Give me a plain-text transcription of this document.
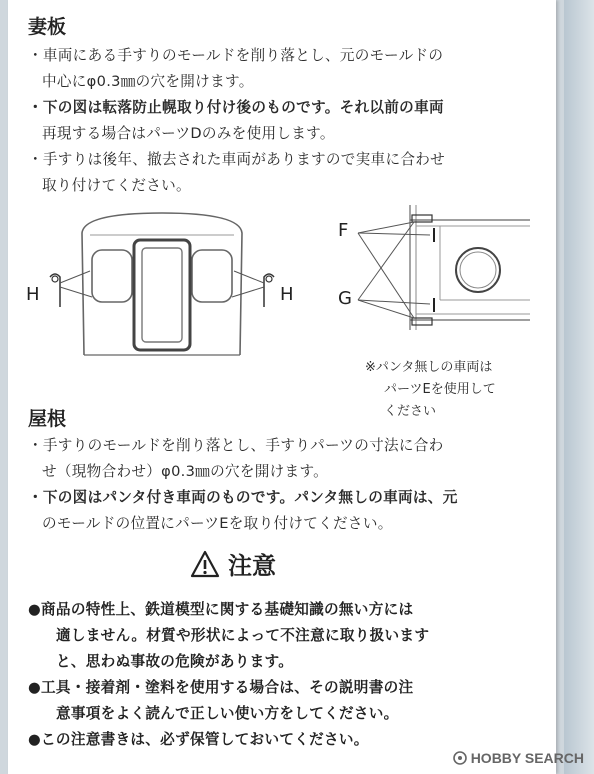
妻板
・車両にある手すりのモールドを削り落とし、元のモールドの
中心にφ0.3㎜の穴を開けます。
・下の図は転落防止幌取り付け後のものです。それ以前の車両
再現する場合はパーツDのみを使用します。
・手すりは後年、撤去された車両がありますので実車に合わせ
取り付けてください。
H	H
F
G
※パンタ無しの車両は
パーツEを使用して
ください
屋根
・手すりのモールドを削り落とし、手すりパーツの寸法に合わ
せ（現物合わせ）φ0.3㎜の穴を開けます。
・下の図はパンタ付き車両のものです。パンタ無しの車両は、元
のモールドの位置にパーツEを取り付けてください。
注意
●商品の特性上、鉄道模型に関する基礎知識の無い方には
適しません。材質や形状によって不注意に取り扱います
と、思わぬ事故の危険があります。
●工具・接着剤・塗料を使用する場合は、その説明書の注
意事項をよく読んで正しい使い方をしてください。
●この注意書きは、必ず保管しておいてください。
HOBBY SEARCH
